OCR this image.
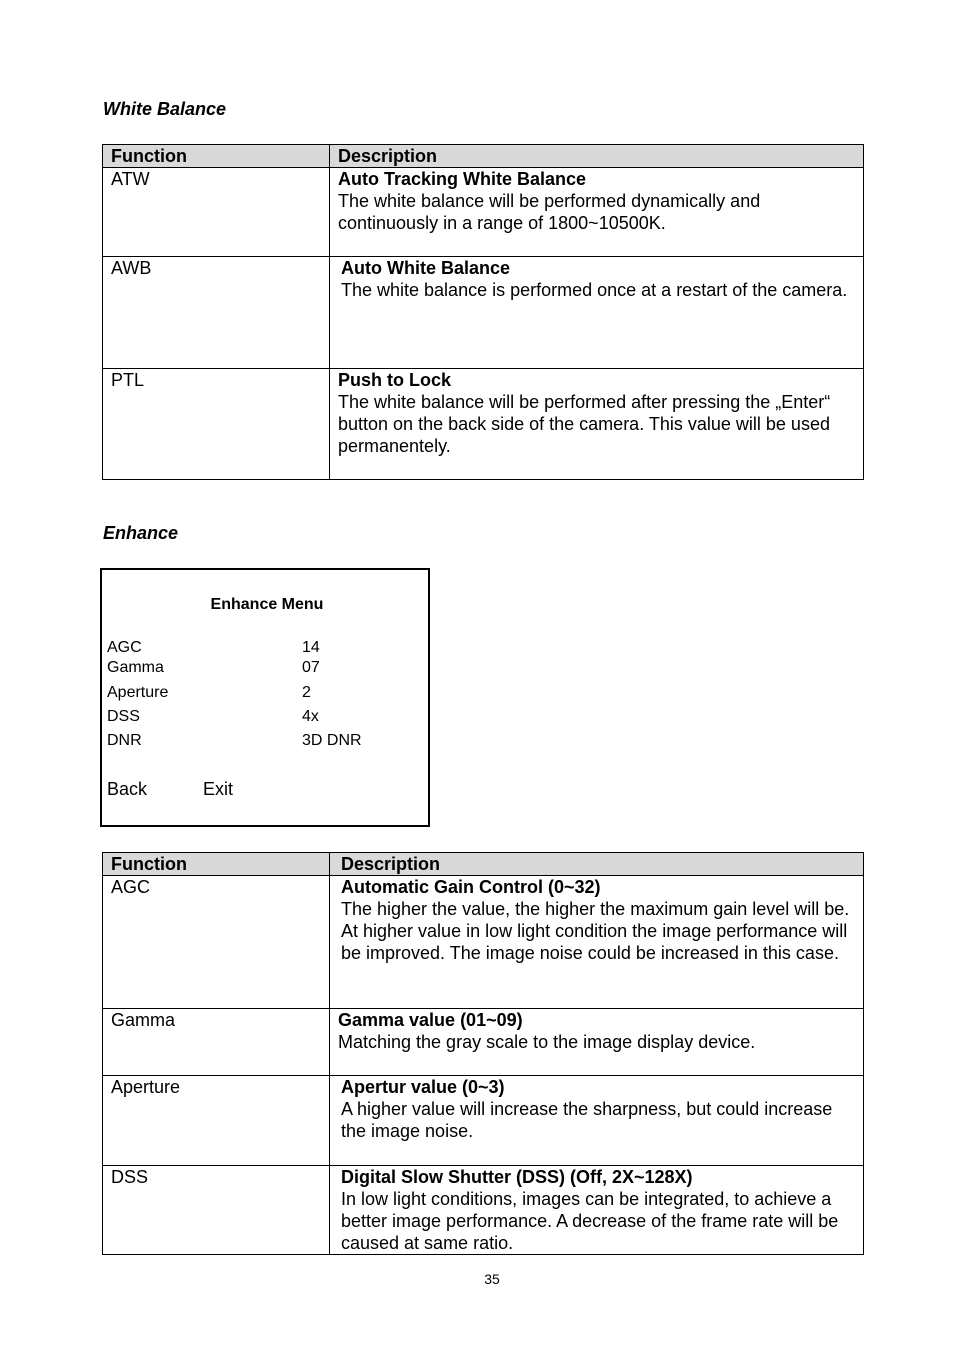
White Balance
Function	Description
ATW	Auto Tracking White Balance
The white balance will be performed dynamically and continuously in a range of 1800~10500K.

AWB	Auto White Balance
The white balance is performed once at a restart of the camera.

PTL	Push to Lock
The white balance will be performed after pressing the „Enter“ button on the back side of the camera. This value will be used permanentely.
Enhance

Enhance Menu

AGC	14
Gamma	07
Aperture	2
DSS	4x
DNR	3D DNR
Back	Exit
Function	Description
AGC	Automatic Gain Control (0~32)
The higher the value, the higher the maximum gain level will be. At higher value in low light condition the image performance will be improved. The image noise could be increased in this case.

Gamma	Gamma value (01~09)
Matching the gray scale to the image display device.

Aperture	Apertur value (0~3)
A higher value will increase the sharpness, but could increase the image noise.

DSS	Digital Slow Shutter (DSS) (Off, 2X~128X)
In low light conditions, images can be integrated, to achieve a better image performance. A decrease of the frame rate will be caused at same ratio.
35
